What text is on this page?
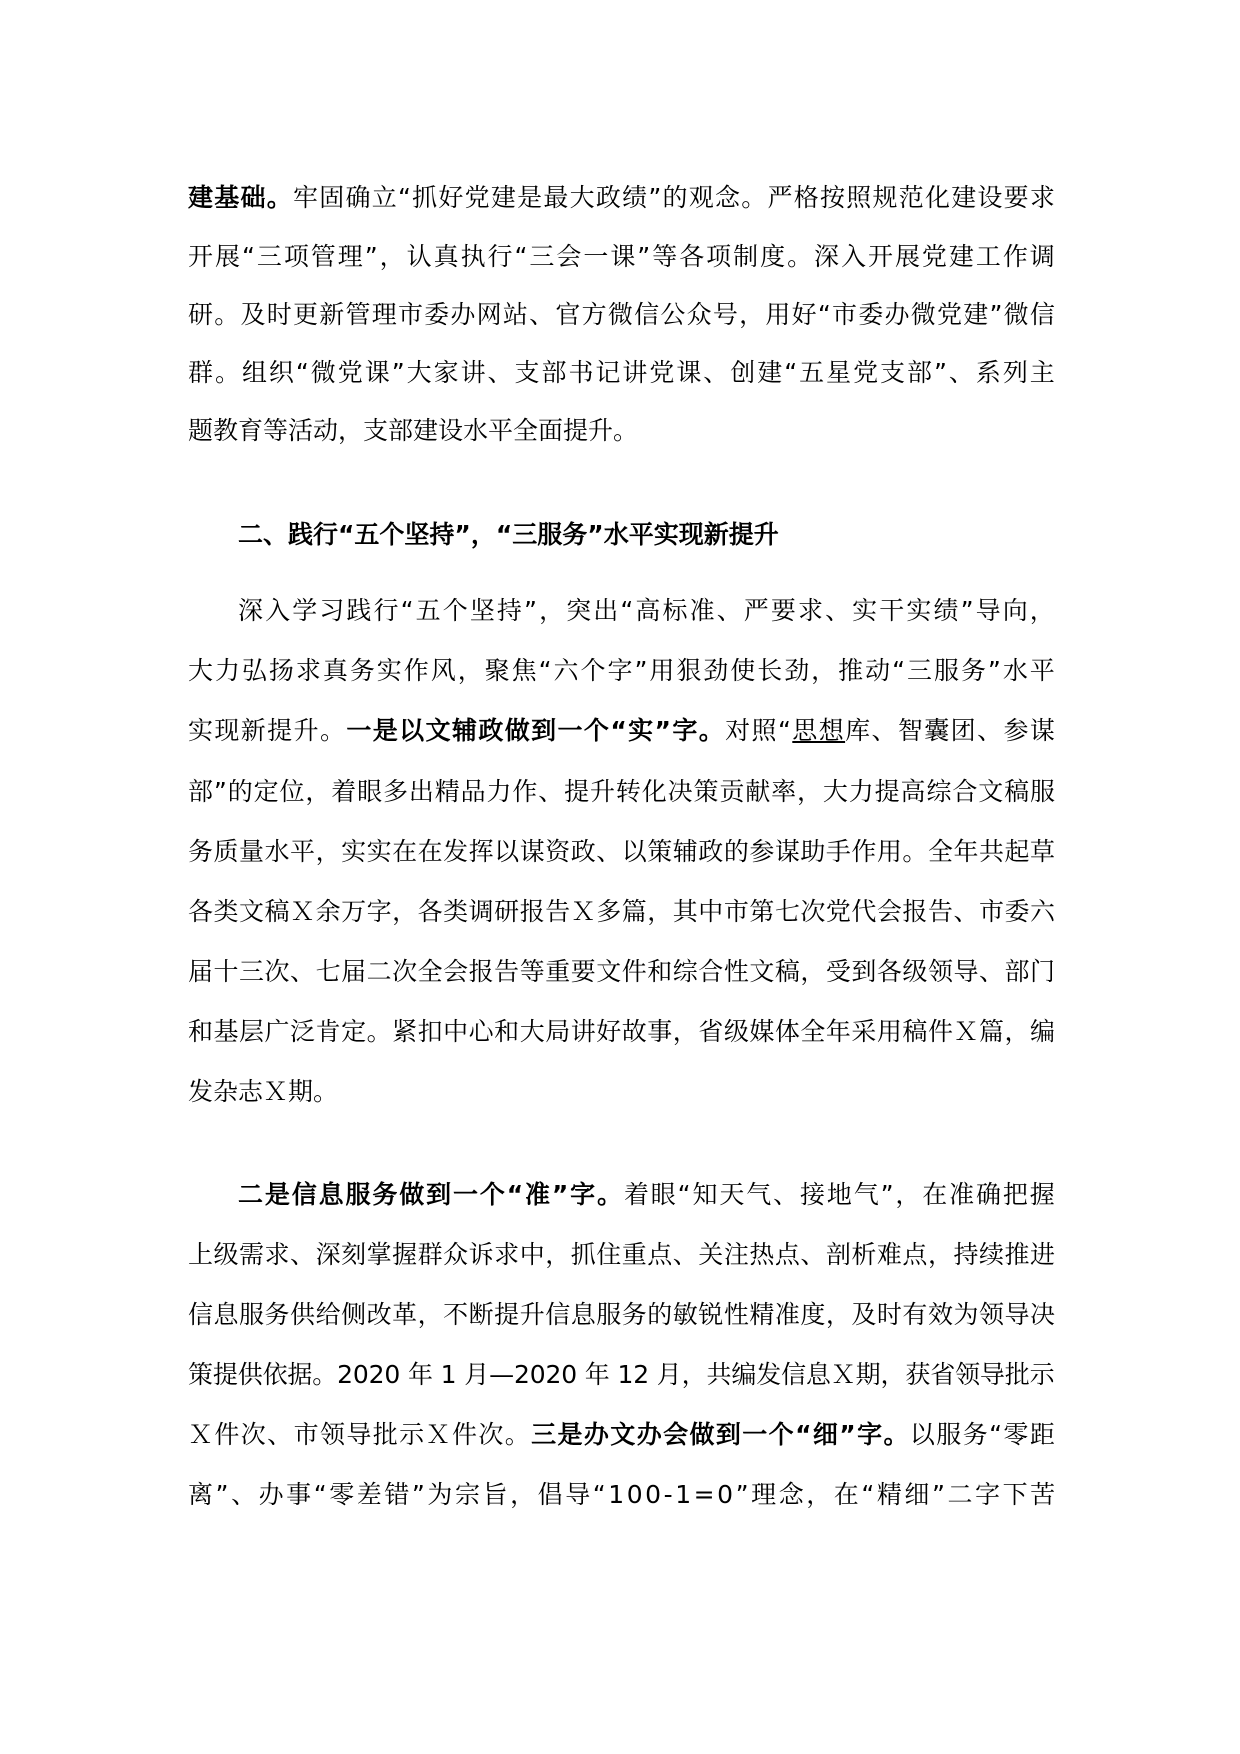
建基础。牢固确立“抓好党建是最大政绩”的观念。严格按照规范化建设要求
开展“三项管理”，认真执行“三会一课”等各项制度。深入开展党建工作调
研。及时更新管理市委办网站、官方微信公众号，用好“市委办微党建”微信
群。组织“微党课”大家讲、支部书记讲党课、创建“五星党支部”、系列主
题教育等活动，支部建设水平全面提升。
二、践行“五个坚持”，“三服务”水平实现新提升
深入学习践行“五个坚持”，突出“高标准、严要求、实干实绩”导向，
大力弘扬求真务实作风，聚焦“六个字”用狠劲使长劲，推动“三服务”水平
实现新提升。一是以文辅政做到一个“实”字。对照“思想库、智囊团、参谋
部”的定位，着眼多出精品力作、提升转化决策贡献率，大力提高综合文稿服
务质量水平，实实在在发挥以谋资政、以策辅政的参谋助手作用。全年共起草
各类文稿Ｘ余万字，各类调研报告Ｘ多篇，其中市第七次党代会报告、市委六
届十三次、七届二次全会报告等重要文件和综合性文稿，受到各级领导、部门
和基层广泛肯定。紧扣中心和大局讲好故事，省级媒体全年采用稿件Ｘ篇，编
发杂志Ｘ期。
二是信息服务做到一个“准”字。着眼“知天气、接地气”，在准确把握
上级需求、深刻掌握群众诉求中，抓住重点、关注热点、剖析难点，持续推进
信息服务供给侧改革，不断提升信息服务的敏锐性精准度，及时有效为领导决
策提供依据。2020 年 1 月—2020 年 12 月，共编发信息Ｘ期，获省领导批示
Ｘ件次、市领导批示Ｘ件次。三是办文办会做到一个“细”字。以服务“零距
离”、办事“零差错”为宗旨，倡导“100-1=0”理念，在“精细”二字下苦
